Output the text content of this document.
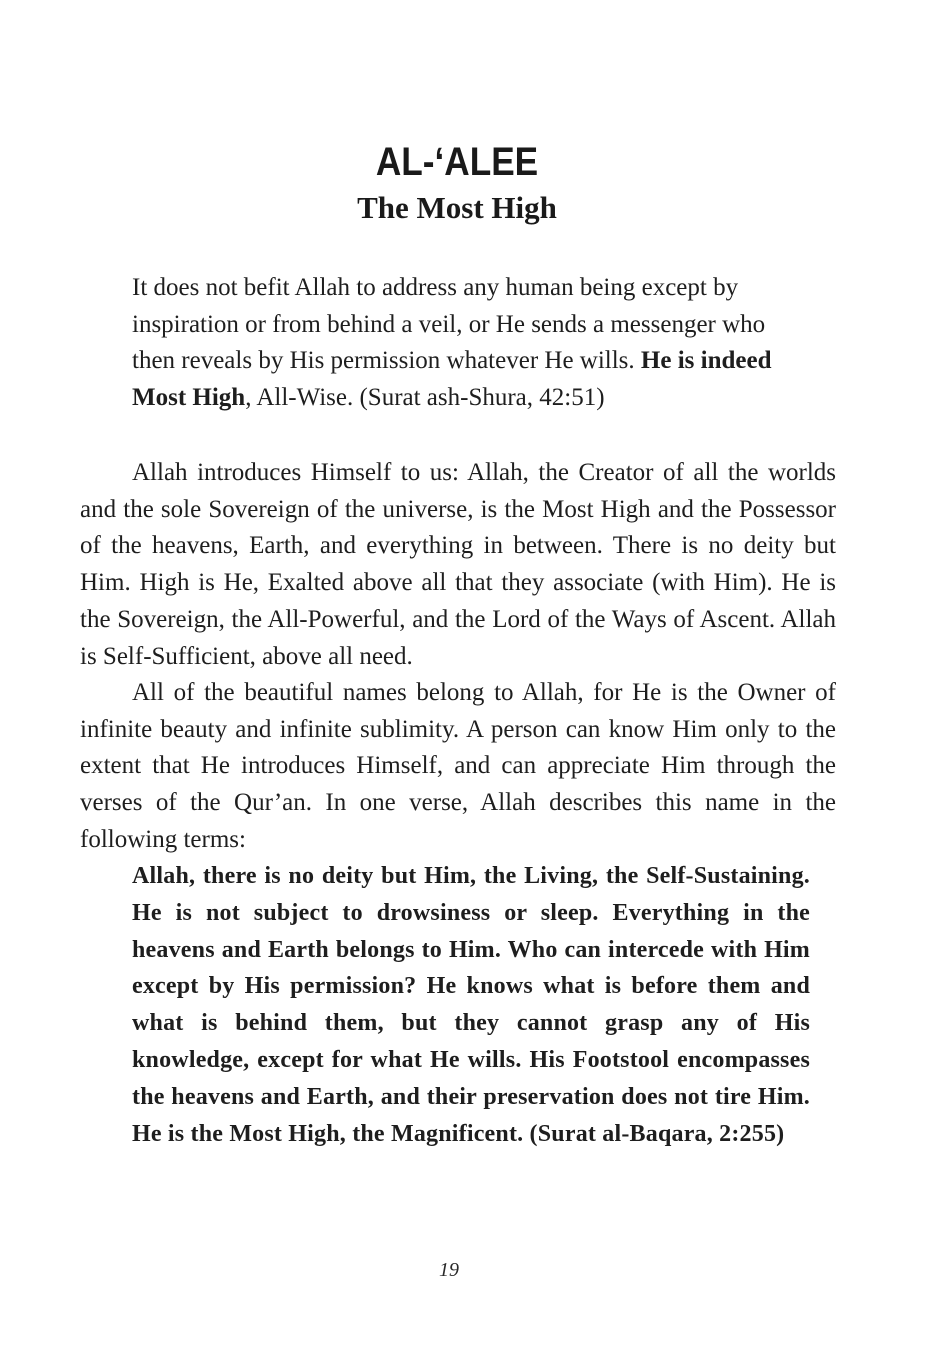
AL-‘ALEE
The Most High
It does not befit Allah to address any human being except by inspiration or from behind a veil, or He sends a messenger who then reveals by His permission whatever He wills. He is indeed Most High, All-Wise. (Surat ash-Shura, 42:51)

Allah introduces Himself to us: Allah, the Creator of all the worlds and the sole Sovereign of the universe, is the Most High and the Possessor of the heavens, Earth, and everything in between. There is no deity but Him. High is He, Exalted above all that they associate (with Him). He is the Sovereign, the All-Powerful, and the Lord of the Ways of Ascent. Allah is Self-Sufficient, above all need.

All of the beautiful names belong to Allah, for He is the Owner of infinite beauty and infinite sublimity. A person can know Him only to the extent that He introduces Himself, and can appreciate Him through the verses of the Qur’an. In one verse, Allah describes this name in the following terms:

Allah, there is no deity but Him, the Living, the Self-Sustaining. He is not subject to drowsiness or sleep. Everything in the heavens and Earth belongs to Him. Who can intercede with Him except by His permission? He knows what is before them and what is behind them, but they cannot grasp any of His knowledge, except for what He wills. His Footstool encompasses the heavens and Earth, and their preservation does not tire Him. He is the Most High, the Magnificent. (Surat al-Baqara, 2:255)
19
